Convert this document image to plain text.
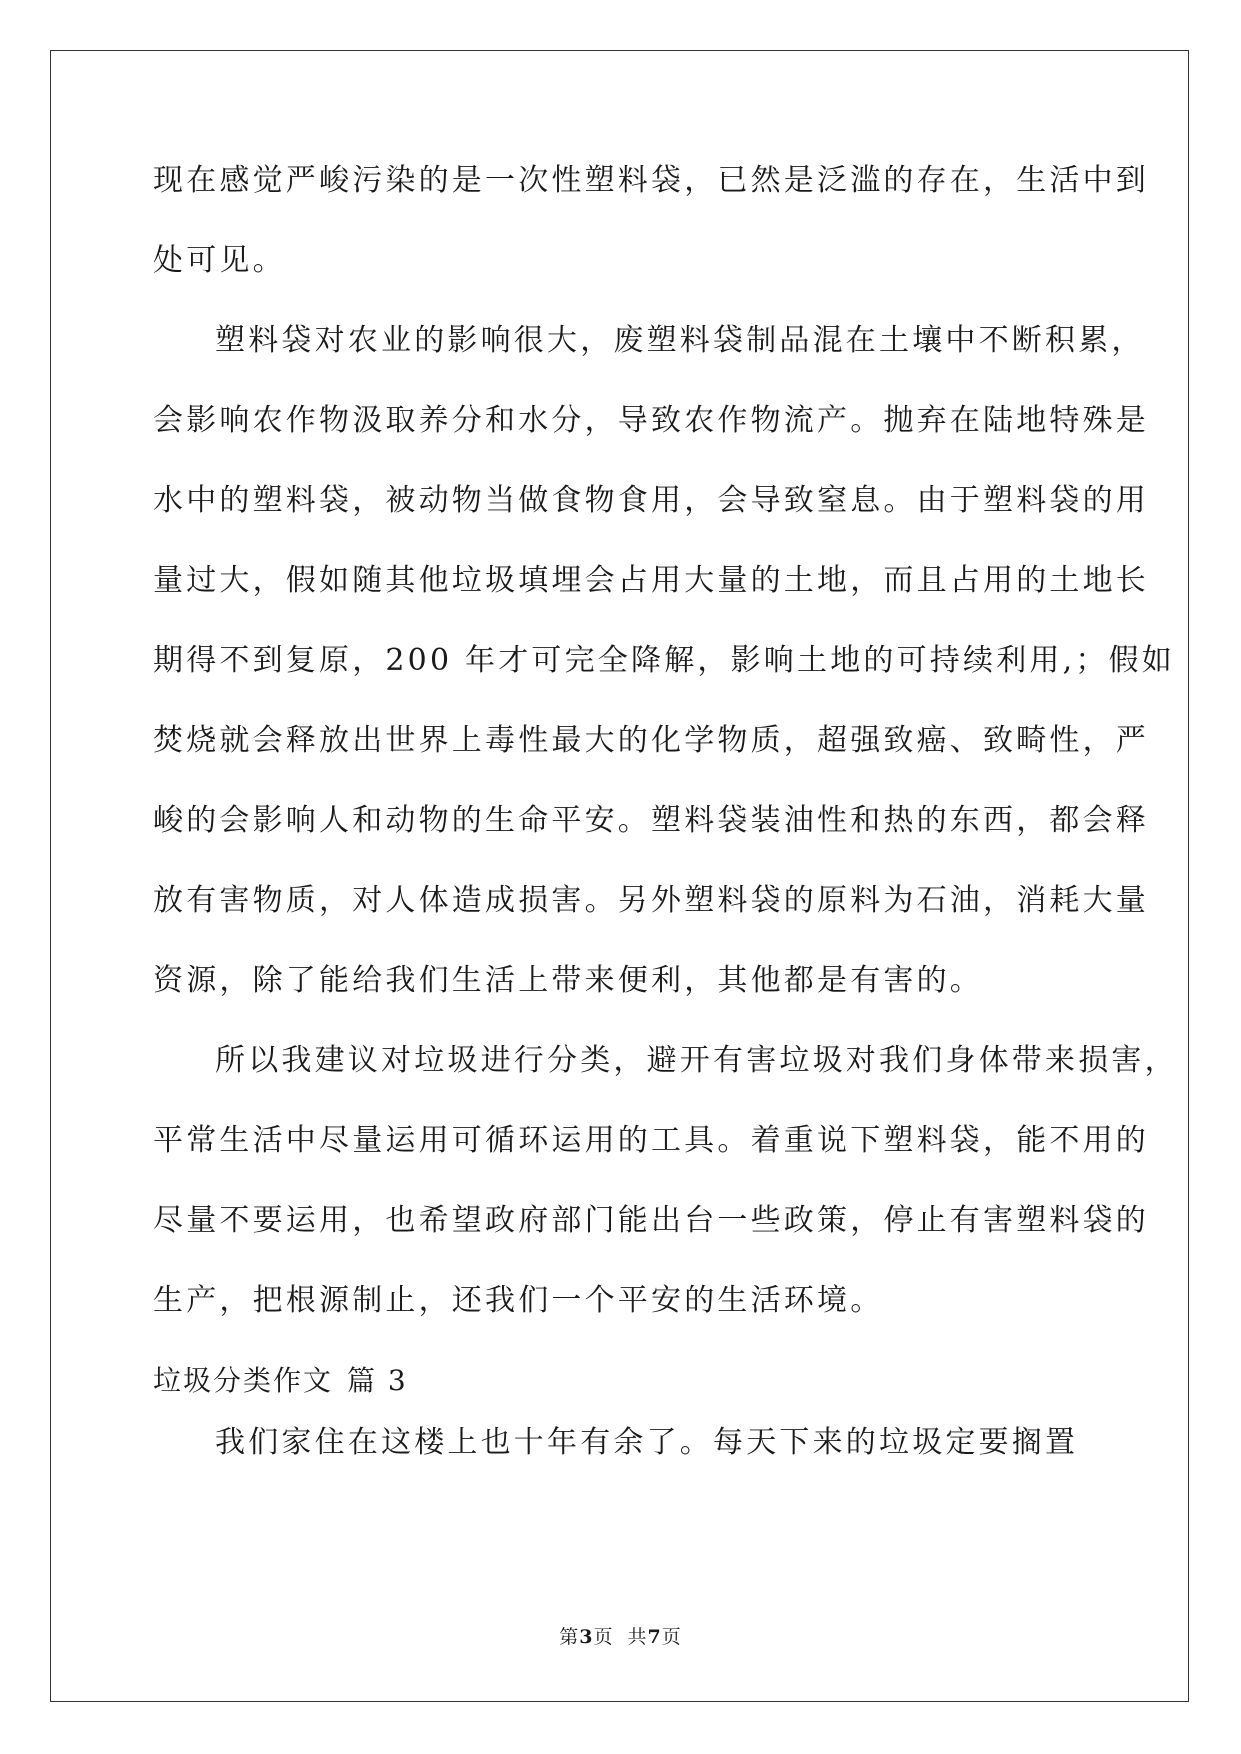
现在感觉严峻污染的是一次性塑料袋，已然是泛滥的存在，生活中到
处可见。
塑料袋对农业的影响很大，废塑料袋制品混在土壤中不断积累，
会影响农作物汲取养分和水分，导致农作物流产。抛弃在陆地特殊是
水中的塑料袋，被动物当做食物食用，会导致窒息。由于塑料袋的用
量过大，假如随其他垃圾填埋会占用大量的土地，而且占用的土地长
期得不到复原，200 年才可完全降解，影响土地的可持续利用,；假如
焚烧就会释放出世界上毒性最大的化学物质，超强致癌、致畸性，严
峻的会影响人和动物的生命平安。塑料袋装油性和热的东西，都会释
放有害物质，对人体造成损害。另外塑料袋的原料为石油，消耗大量
资源，除了能给我们生活上带来便利，其他都是有害的。
所以我建议对垃圾进行分类，避开有害垃圾对我们身体带来损害，
平常生活中尽量运用可循环运用的工具。着重说下塑料袋，能不用的
尽量不要运用，也希望政府部门能出台一些政策，停止有害塑料袋的
生产，把根源制止，还我们一个平安的生活环境。
垃圾分类作文 篇 3
我们家住在这楼上也十年有余了。每天下来的垃圾定要搁置
第3页 共7页
